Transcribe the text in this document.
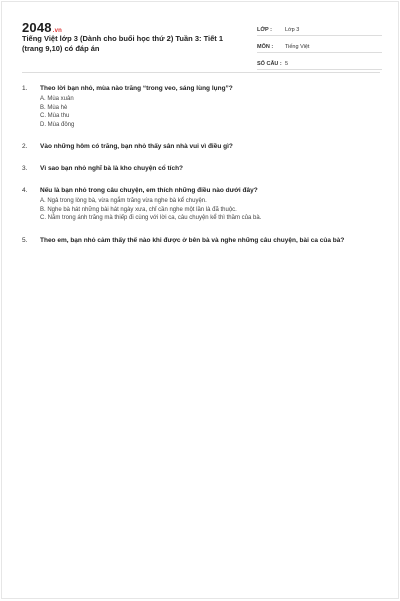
2048.vn
Tiếng Việt lớp 3 (Dành cho buổi học thứ 2) Tuần 3: Tiết 1 (trang 9,10) có đáp án
LỚP :	Lớp 3
MÔN :	Tiếng Việt
SỐ CÂU : 5
1.	Theo lời bạn nhỏ, mùa nào trăng “trong veo, sáng lùng lụng”?
A. Mùa xuân
B. Mùa hè
C. Mùa thu
D. Mùa đông
2.	Vào những hôm có trăng, bạn nhỏ thấy sân nhà vui vì điều gì?
3.	Vì sao bạn nhỏ nghĩ bà là kho chuyện cổ tích?
4.	Nếu là bạn nhỏ trong câu chuyện, em thích những điều nào dưới đây?
A. Ngả trong lòng bà, vừa ngắm trăng vừa nghe bà kể chuyện.
B. Nghe bà hát những bài hát ngày xưa, chỉ cần nghe một lần là đã thuộc.
C. Nằm trong ánh trăng mà thiếp đi cùng với lời ca, câu chuyện kể thì thầm của bà.
5.	Theo em, bạn nhỏ cảm thấy thế nào khi được ở bên bà và nghe những câu chuyện, bài ca của bà?
